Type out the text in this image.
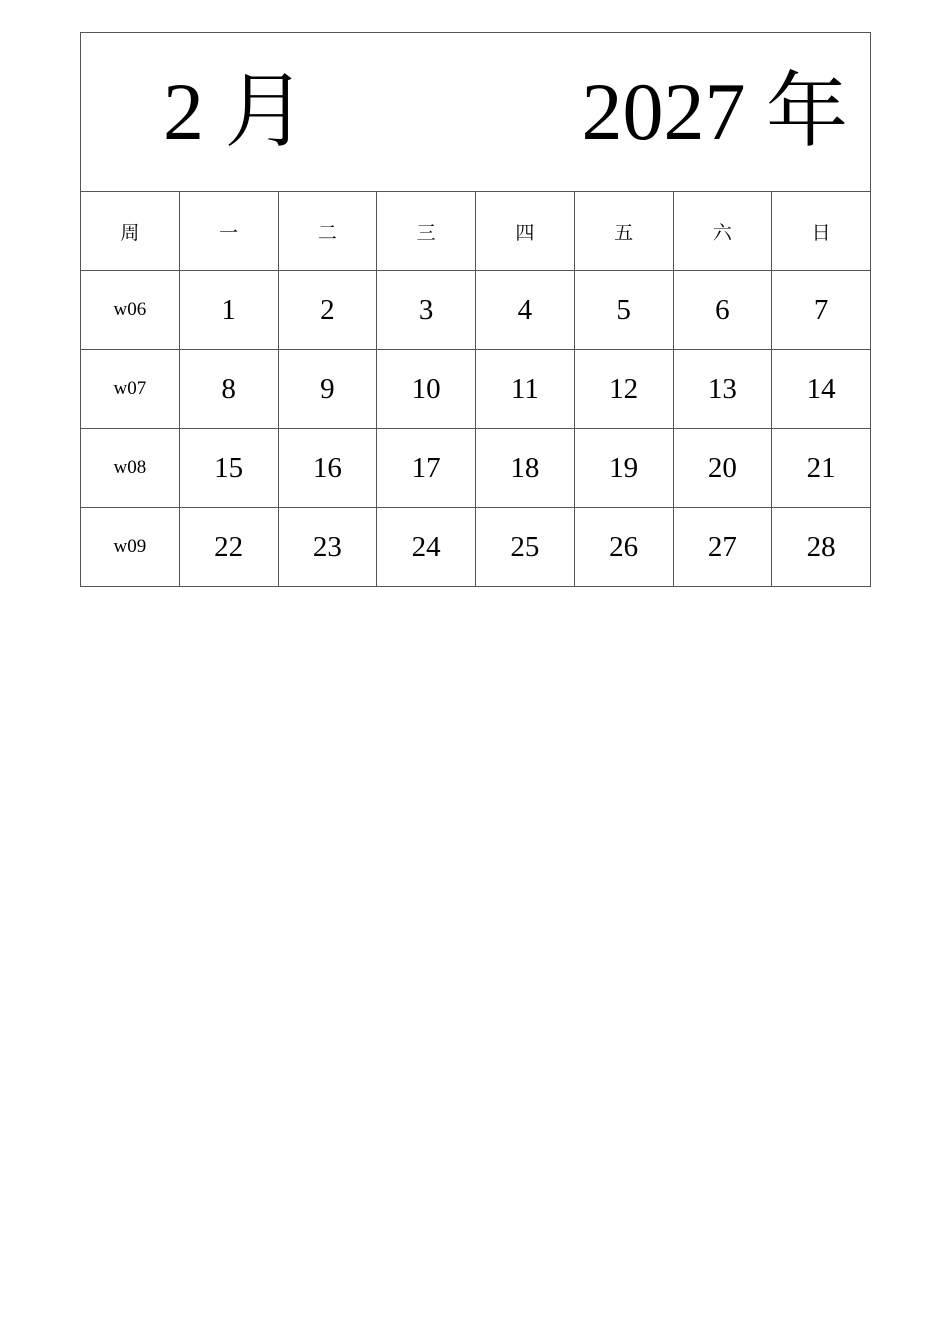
2 月	2027 年
周	一	二	三	四	五	六	日
w06	1	2	3	4	5	6	7
w07	8	9	10	11	12	13	14
w08	15	16	17	18	19	20	21
w09	22	23	24	25	26	27	28
